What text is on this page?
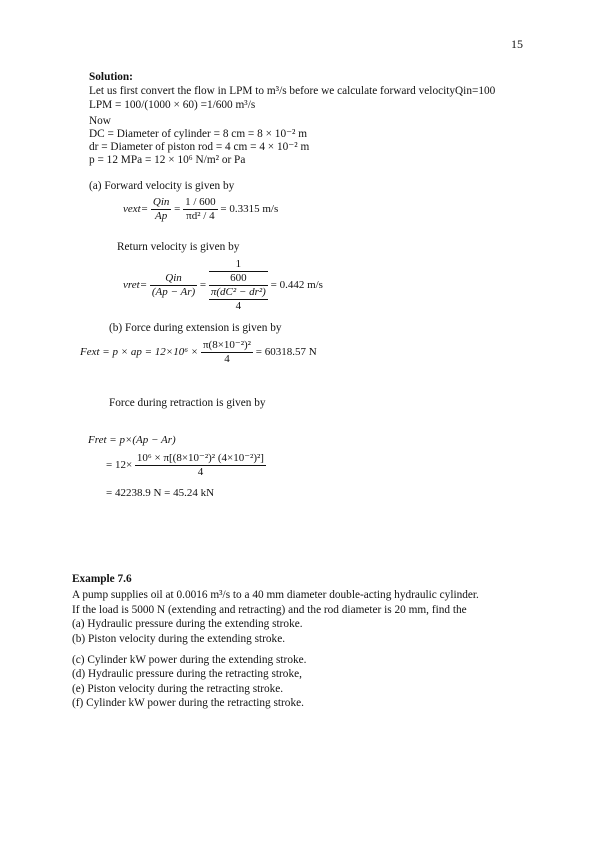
15
Solution:
Let us first convert the flow in LPM to m³/s before we calculate forward velocityQin=100
LPM = 100/(1000 × 60) =1/600 m³/s
Now
DC = Diameter of cylinder = 8 cm = 8 × 10⁻² m
dr = Diameter of piston rod = 4 cm = 4 × 10⁻² m
p = 12 MPa = 12 × 10⁶ N/m² or Pa
(a) Forward velocity is given by
vext= $\frac{\text{Qin}}{Ap} = \frac{1 / 600}{\text{πd² / 4}} = 0.3315$ m/s
Return velocity is given by
vret= $\frac{\text{Qin}}{(Ap - Ar)}$ =
1
600
π(dC² − dr²)
4
= 0.442 m/s
(b) Force during extension is given by
Fext = p × ap = $12\times 10^6 \times \frac{\text{π(8×10⁻²)²}}{4} = 60318.57$ N
Force during retraction is given by
Fret = p×(Ap − Ar)
= $12\times \frac{\text{10⁶ × π[(8×10⁻²)² (4×10⁻²)²]}}{4}$
= 42238.9 N = 45.24 kN
Example 7.6
A pump supplies oil at 0.0016 m³/s to a 40 mm diameter double-acting hydraulic cylinder.
If the load is 5000 N (extending and retracting) and the rod diameter is 20 mm, find the
(a) Hydraulic pressure during the extending stroke.
(b) Piston velocity during the extending stroke.
(c) Cylinder kW power during the extending stroke.
(d) Hydraulic pressure during the retracting stroke,
(e) Piston velocity during the retracting stroke.
(f) Cylinder kW power during the retracting stroke.
